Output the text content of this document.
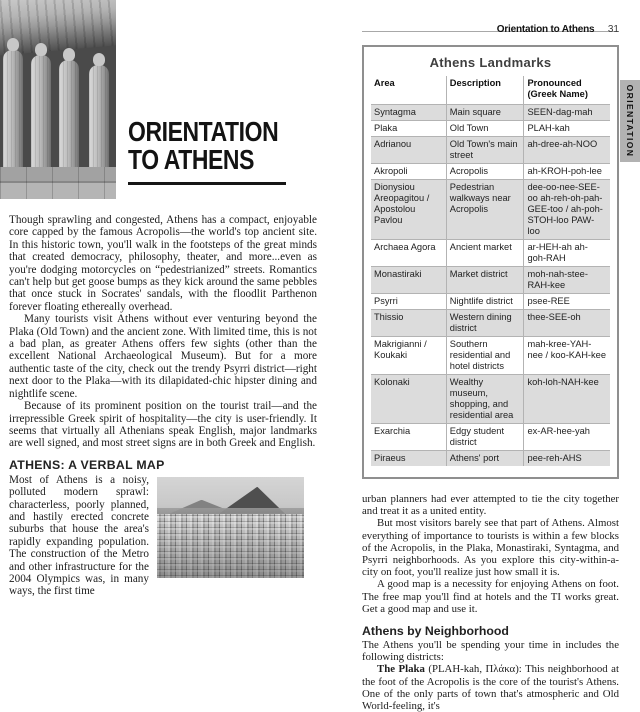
ORIENTATION
TO ATHENS

Though sprawling and congested, Athens has a compact, enjoyable core capped by the famous Acropolis—the world's top ancient site. In this historic town, you'll walk in the footsteps of the great minds that created democracy, philosophy, theater, and more...even as you're dodging motorcycles on “pedestrianized” streets. Romantics can't help but get goose bumps as they kick around the same pebbles that once stuck in Socrates' sandals, with the floodlit Parthenon forever floating ethereally overhead.

Many tourists visit Athens without ever venturing beyond the Plaka (Old Town) and the ancient zone. With limited time, this is not a bad plan, as greater Athens offers few sights (other than the excellent National Archaeological Museum). But for a more authentic taste of the city, check out the trendy Psyrri district—right next door to the Plaka—with its dilapidated-chic hipster dining and nightlife scene.

Because of its prominent position on the tourist trail—and the irrepressible Greek spirit of hospitality—the city is user-friendly. It seems that virtually all Athenians speak English, major landmarks are well signed, and most street signs are in both Greek and English.

ATHENS: A VERBAL MAP

Most of Athens is a noisy, polluted modern sprawl: characterless, poorly planned, and hastily erected concrete suburbs that house the area's rapidly expanding population. The construction of the Metro and other infrastructure for the 2004 Olympics was, in many ways, the first time

Orientation to Athens 31
Athens Landmarks
Area	Description	Pronounced (Greek Name)
Syntagma	Main square	SEEN-dag-mah
Plaka	Old Town	PLAH-kah
Adrianou	Old Town's main street	ah-dree-ah-NOO
Akropoli	Acropolis	ah-KROH-poh-lee
Dionysiou Areopagitou / Apostolou Pavlou	Pedestrian walkways near Acropolis	dee-oo-nee-SEE-oo ah-reh-oh-pah-GEE-too / ah-poh-STOH-loo PAW-loo
Archaea Agora	Ancient market	ar-HEH-ah ah-goh-RAH
Monastiraki	Market district	moh-nah-stee-RAH-kee
Psyrri	Nightlife district	psee-REE
Thissio	Western dining district	thee-SEE-oh
Makrigianni / Koukaki	Southern residential and hotel districts	mah-kree-YAH-nee / koo-KAH-kee
Kolonaki	Wealthy museum, shopping, and residential area	koh-loh-NAH-kee
Exarchia	Edgy student district	ex-AR-hee-yah
Piraeus	Athens' port	pee-reh-AHS

urban planners had ever attempted to tie the city together and treat it as a united entity.

But most visitors barely see that part of Athens. Almost everything of importance to tourists is within a few blocks of the Acropolis, in the Plaka, Monastiraki, Syntagma, and Psyrri neighborhoods. As you explore this city-within-a-city on foot, you'll realize just how small it is.

A good map is a necessity for enjoying Athens on foot. The free map you'll find at hotels and the TI works great. Get a good map and use it.

Athens by Neighborhood

The Athens you'll be spending your time in includes the following districts:

The Plaka (PLAH-kah, Πλάκα): This neighborhood at the foot of the Acropolis is the core of the tourist's Athens. One of the only parts of town that's atmospheric and Old World-feeling, it's

ORIENTATION
